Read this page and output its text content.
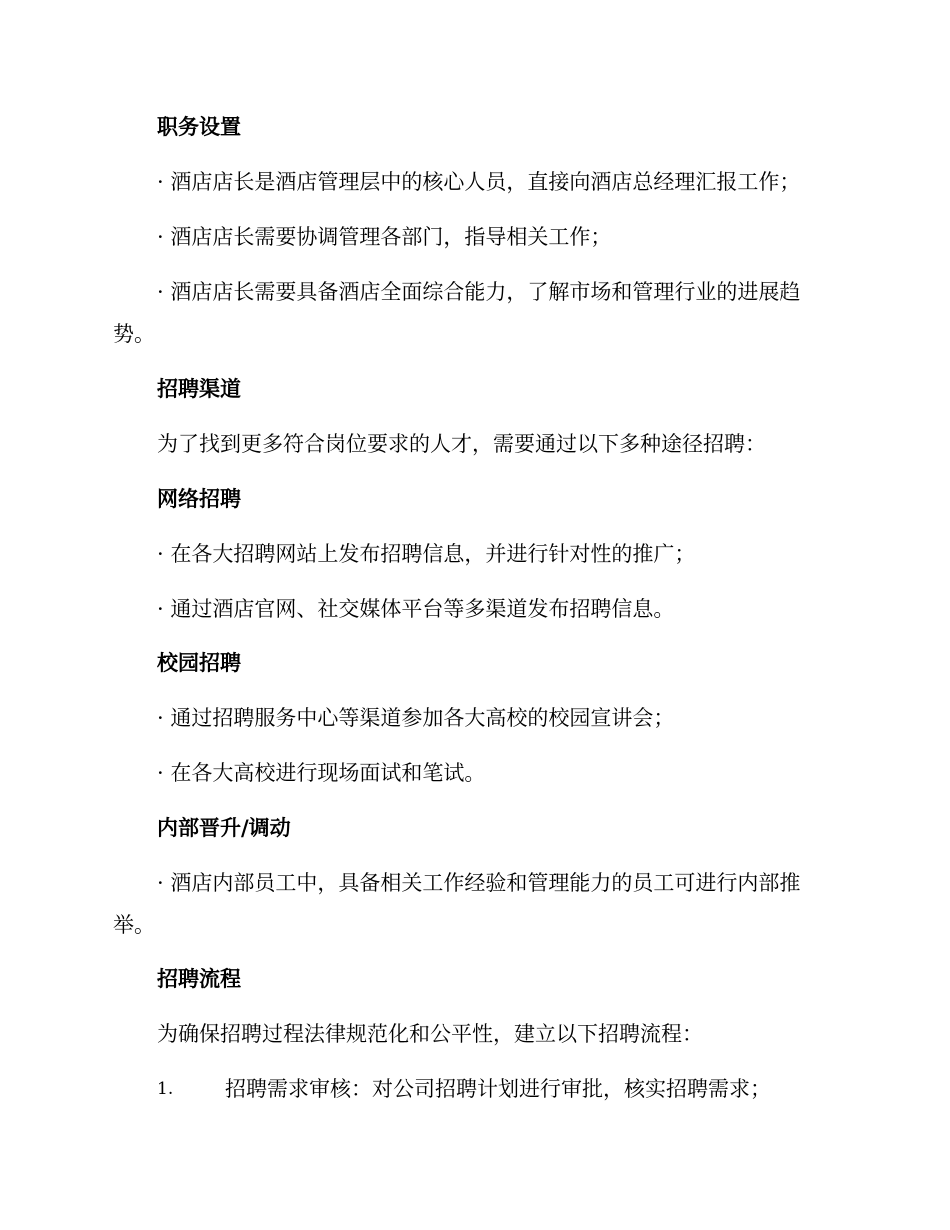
职务设置
· 酒店店长是酒店管理层中的核心人员，直接向酒店总经理汇报工作；
· 酒店店长需要协调管理各部门，指导相关工作；
· 酒店店长需要具备酒店全面综合能力，了解市场和管理行业的进展趋
势。
招聘渠道
为了找到更多符合岗位要求的人才，需要通过以下多种途径招聘：
网络招聘
· 在各大招聘网站上发布招聘信息，并进行针对性的推广；
· 通过酒店官网、社交媒体平台等多渠道发布招聘信息。
校园招聘
· 通过招聘服务中心等渠道参加各大高校的校园宣讲会；
· 在各大高校进行现场面试和笔试。
内部晋升/调动
· 酒店内部员工中，具备相关工作经验和管理能力的员工可进行内部推
举。
招聘流程
为确保招聘过程法律规范化和公平性，建立以下招聘流程：
1. 招聘需求审核：对公司招聘计划进行审批，核实招聘需求；
